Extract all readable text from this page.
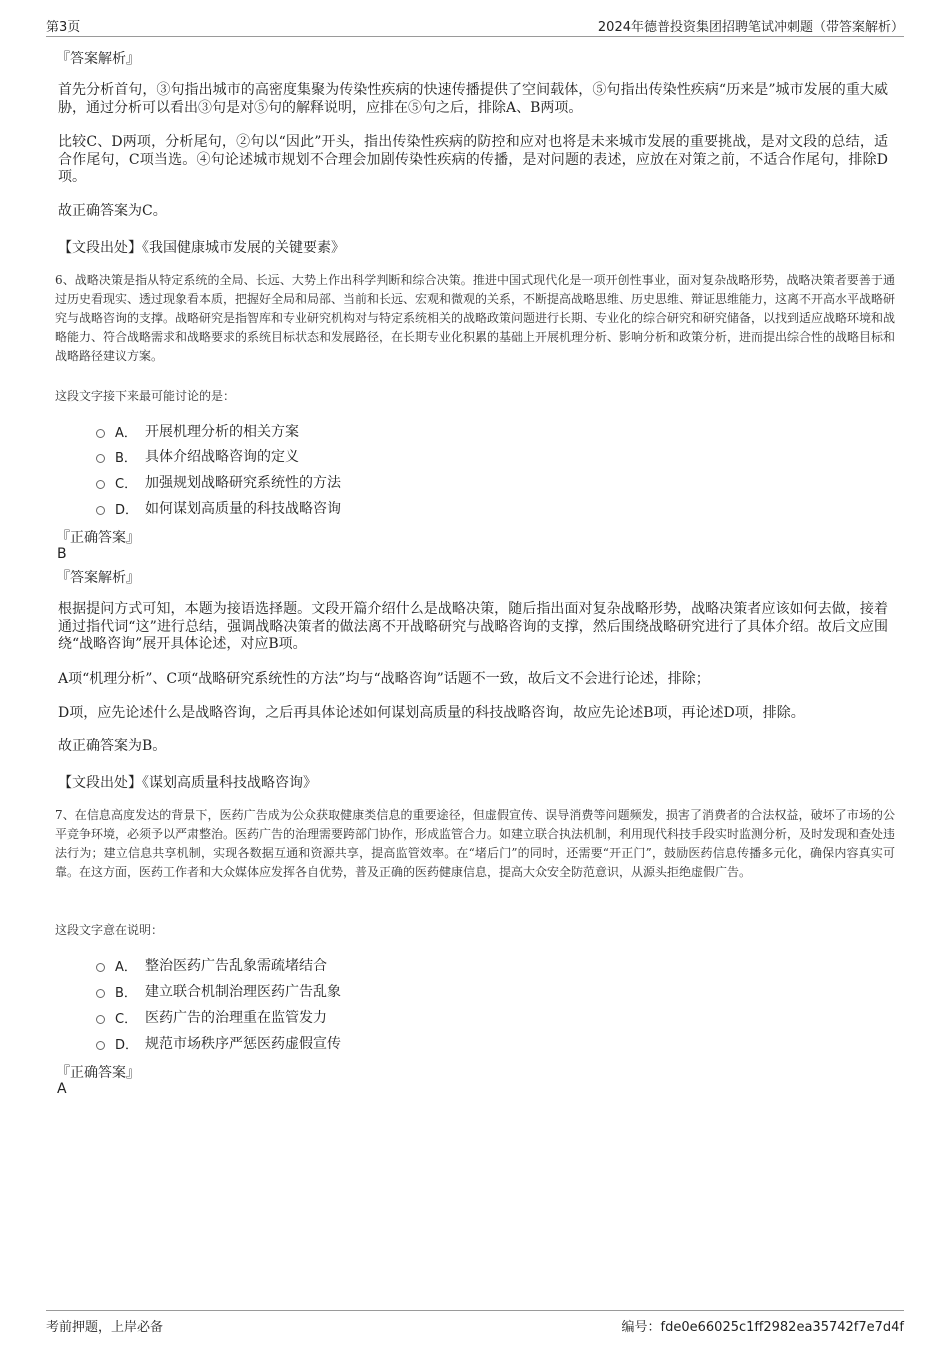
第3页	2024年德普投资集团招聘笔试冲刺题（带答案解析）
『答案解析』
首先分析首句，③句指出城市的高密度集聚为传染性疾病的快速传播提供了空间载体，⑤句指出传染性疾病“历来是”城市发展的重大威胁，通过分析可以看出③句是对⑤句的解释说明，应排在⑤句之后，排除A、B两项。
比较C、D两项，分析尾句，②句以“因此”开头，指出传染性疾病的防控和应对也将是未来城市发展的重要挑战，是对文段的总结，适合作尾句，C项当选。④句论述城市规划不合理会加剧传染性疾病的传播，是对问题的表述，应放在对策之前，不适合作尾句，排除D项。
故正确答案为C。
【文段出处】《我国健康城市发展的关键要素》
6、战略决策是指从特定系统的全局、长远、大势上作出科学判断和综合决策。推进中国式现代化是一项开创性事业，面对复杂战略形势，战略决策者要善于通过历史看现实、透过现象看本质，把握好全局和局部、当前和长远、宏观和微观的关系，不断提高战略思维、历史思维、辩证思维能力，这离不开高水平战略研究与战略咨询的支撑。战略研究是指智库和专业研究机构对与特定系统相关的战略政策问题进行长期、专业化的综合研究和研究储备，以找到适应战略环境和战略能力、符合战略需求和战略要求的系统目标状态和发展路径，在长期专业化积累的基础上开展机理分析、影响分析和政策分析，进而提出综合性的战略目标和战略路径建议方案。
这段文字接下来最可能讨论的是：
A． 开展机理分析的相关方案
B． 具体介绍战略咨询的定义
C． 加强规划战略研究系统性的方法
D． 如何谋划高质量的科技战略咨询
『正确答案』
B
『答案解析』
根据提问方式可知，本题为接语选择题。文段开篇介绍什么是战略决策，随后指出面对复杂战略形势，战略决策者应该如何去做，接着通过指代词“这”进行总结，强调战略决策者的做法离不开战略研究与战略咨询的支撑，然后围绕战略研究进行了具体介绍。故后文应围绕“战略咨询”展开具体论述，对应B项。
A项“机理分析”、C项“战略研究系统性的方法”均与“战略咨询”话题不一致，故后文不会进行论述，排除；
D项，应先论述什么是战略咨询，之后再具体论述如何谋划高质量的科技战略咨询，故应先论述B项，再论述D项，排除。
故正确答案为B。
【文段出处】《谋划高质量科技战略咨询》
7、在信息高度发达的背景下，医药广告成为公众获取健康类信息的重要途径，但虚假宣传、误导消费等问题频发，损害了消费者的合法权益，破坏了市场的公平竞争环境，必须予以严肃整治。医药广告的治理需要跨部门协作，形成监管合力。如建立联合执法机制，利用现代科技手段实时监测分析，及时发现和查处违法行为；建立信息共享机制，实现各数据互通和资源共享，提高监管效率。在“堵后门”的同时，还需要“开正门”，鼓励医药信息传播多元化，确保内容真实可靠。在这方面，医药工作者和大众媒体应发挥各自优势，普及正确的医药健康信息，提高大众安全防范意识，从源头拒绝虚假广告。
这段文字意在说明：
A． 整治医药广告乱象需疏堵结合
B． 建立联合机制治理医药广告乱象
C． 医药广告的治理重在监管发力
D． 规范市场秩序严惩医药虚假宣传
『正确答案』
A
考前押题，上岸必备	编号：fde0e66025c1ff2982ea35742f7e7d4f
